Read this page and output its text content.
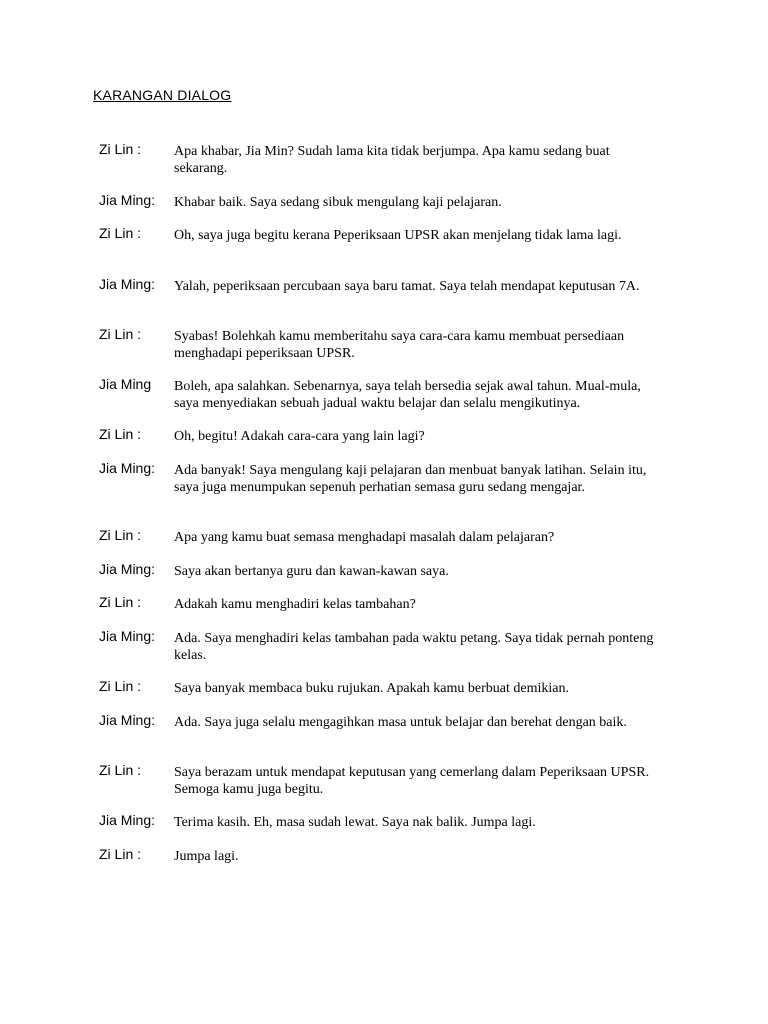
KARANGAN DIALOG
Zi Lin :	Apa khabar, Jia Min? Sudah lama kita tidak berjumpa. Apa kamu sedang buat sekarang.
Jia Ming:	Khabar baik. Saya sedang sibuk mengulang kaji pelajaran.
Zi Lin :	Oh, saya juga begitu kerana Peperiksaan UPSR akan menjelang tidak lama lagi.
Jia Ming:	Yalah, peperiksaan percubaan saya baru tamat. Saya telah mendapat keputusan 7A.
Zi Lin :	Syabas! Bolehkah kamu memberitahu saya cara-cara kamu membuat persediaan menghadapi peperiksaan UPSR.
Jia Ming	Boleh, apa salahkan. Sebenarnya, saya telah bersedia sejak awal tahun. Mual-mula, saya menyediakan sebuah jadual waktu belajar dan selalu mengikutinya.
Zi Lin :	Oh, begitu! Adakah cara-cara yang lain lagi?
Jia Ming:	Ada banyak! Saya mengulang kaji pelajaran dan menbuat banyak latihan. Selain itu, saya juga menumpukan sepenuh perhatian semasa guru sedang mengajar.
Zi Lin :	Apa yang kamu buat semasa menghadapi masalah dalam pelajaran?
Jia Ming:	Saya akan bertanya guru dan kawan-kawan saya.
Zi Lin :	Adakah kamu menghadiri kelas tambahan?
Jia Ming:	Ada. Saya menghadiri kelas tambahan pada waktu petang. Saya tidak pernah ponteng kelas.
Zi Lin :	Saya banyak membaca buku rujukan. Apakah kamu berbuat demikian.
Jia Ming:	Ada. Saya juga selalu mengagihkan masa untuk belajar dan berehat dengan baik.
Zi Lin :	Saya berazam untuk mendapat keputusan yang cemerlang dalam Peperiksaan UPSR. Semoga kamu juga begitu.
Jia Ming:	Terima kasih. Eh, masa sudah lewat. Saya nak balik. Jumpa lagi.
Zi Lin :	Jumpa lagi.
